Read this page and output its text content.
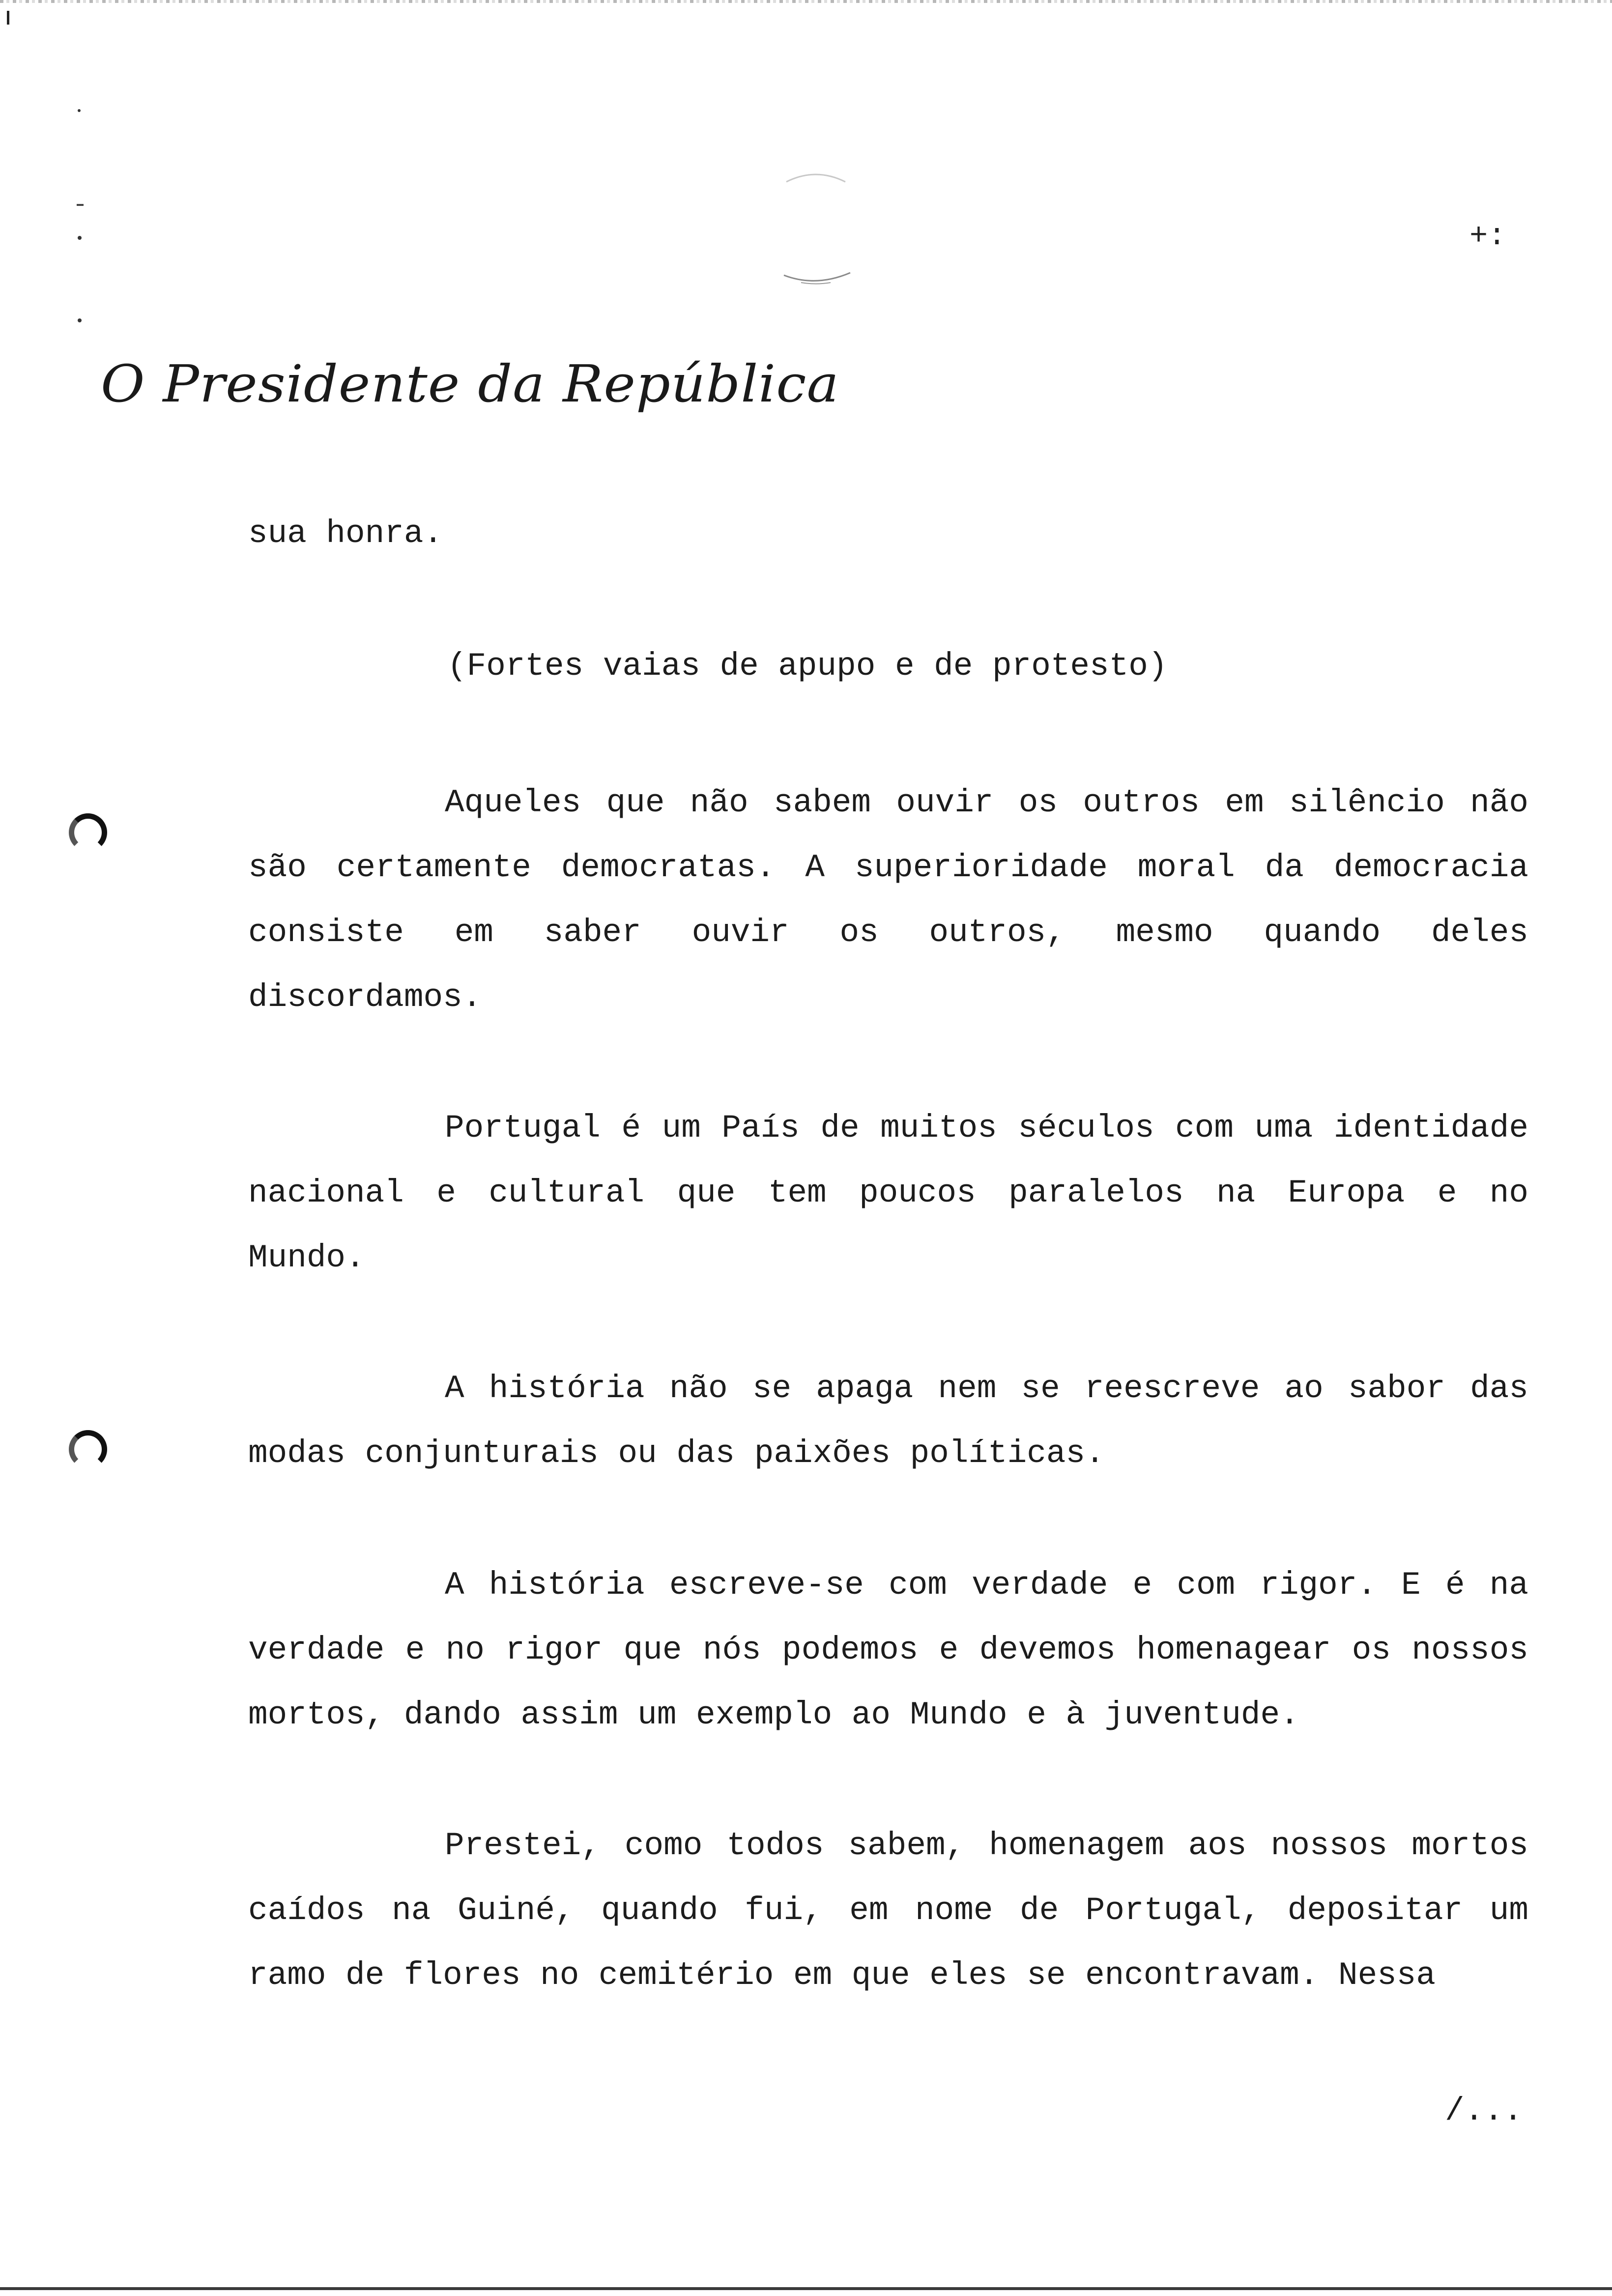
+:
O Presidente da República
sua honra.
(Fortes vaias de apupo e de protesto)

Aqueles que não sabem ouvir os outros em silêncio não são certamente democratas. A superioridade moral da democracia consiste em saber ouvir os outros, mesmo quando deles discordamos.

Portugal é um País de muitos séculos com uma identidade nacional e cultural que tem poucos paralelos na Europa e no Mundo.

A história não se apaga nem se reescreve ao sabor das modas conjunturais ou das paixões políticas.

A história escreve-se com verdade e com rigor. E é na verdade e no rigor que nós podemos e devemos homenagear os nossos mortos, dando assim um exemplo ao Mundo e à juventude.

Prestei, como todos sabem, homenagem aos nossos mortos caídos na Guiné, quando fui, em nome de Portugal, depositar um ramo de flores no cemitério em que eles se encontravam. Nessa

/...
